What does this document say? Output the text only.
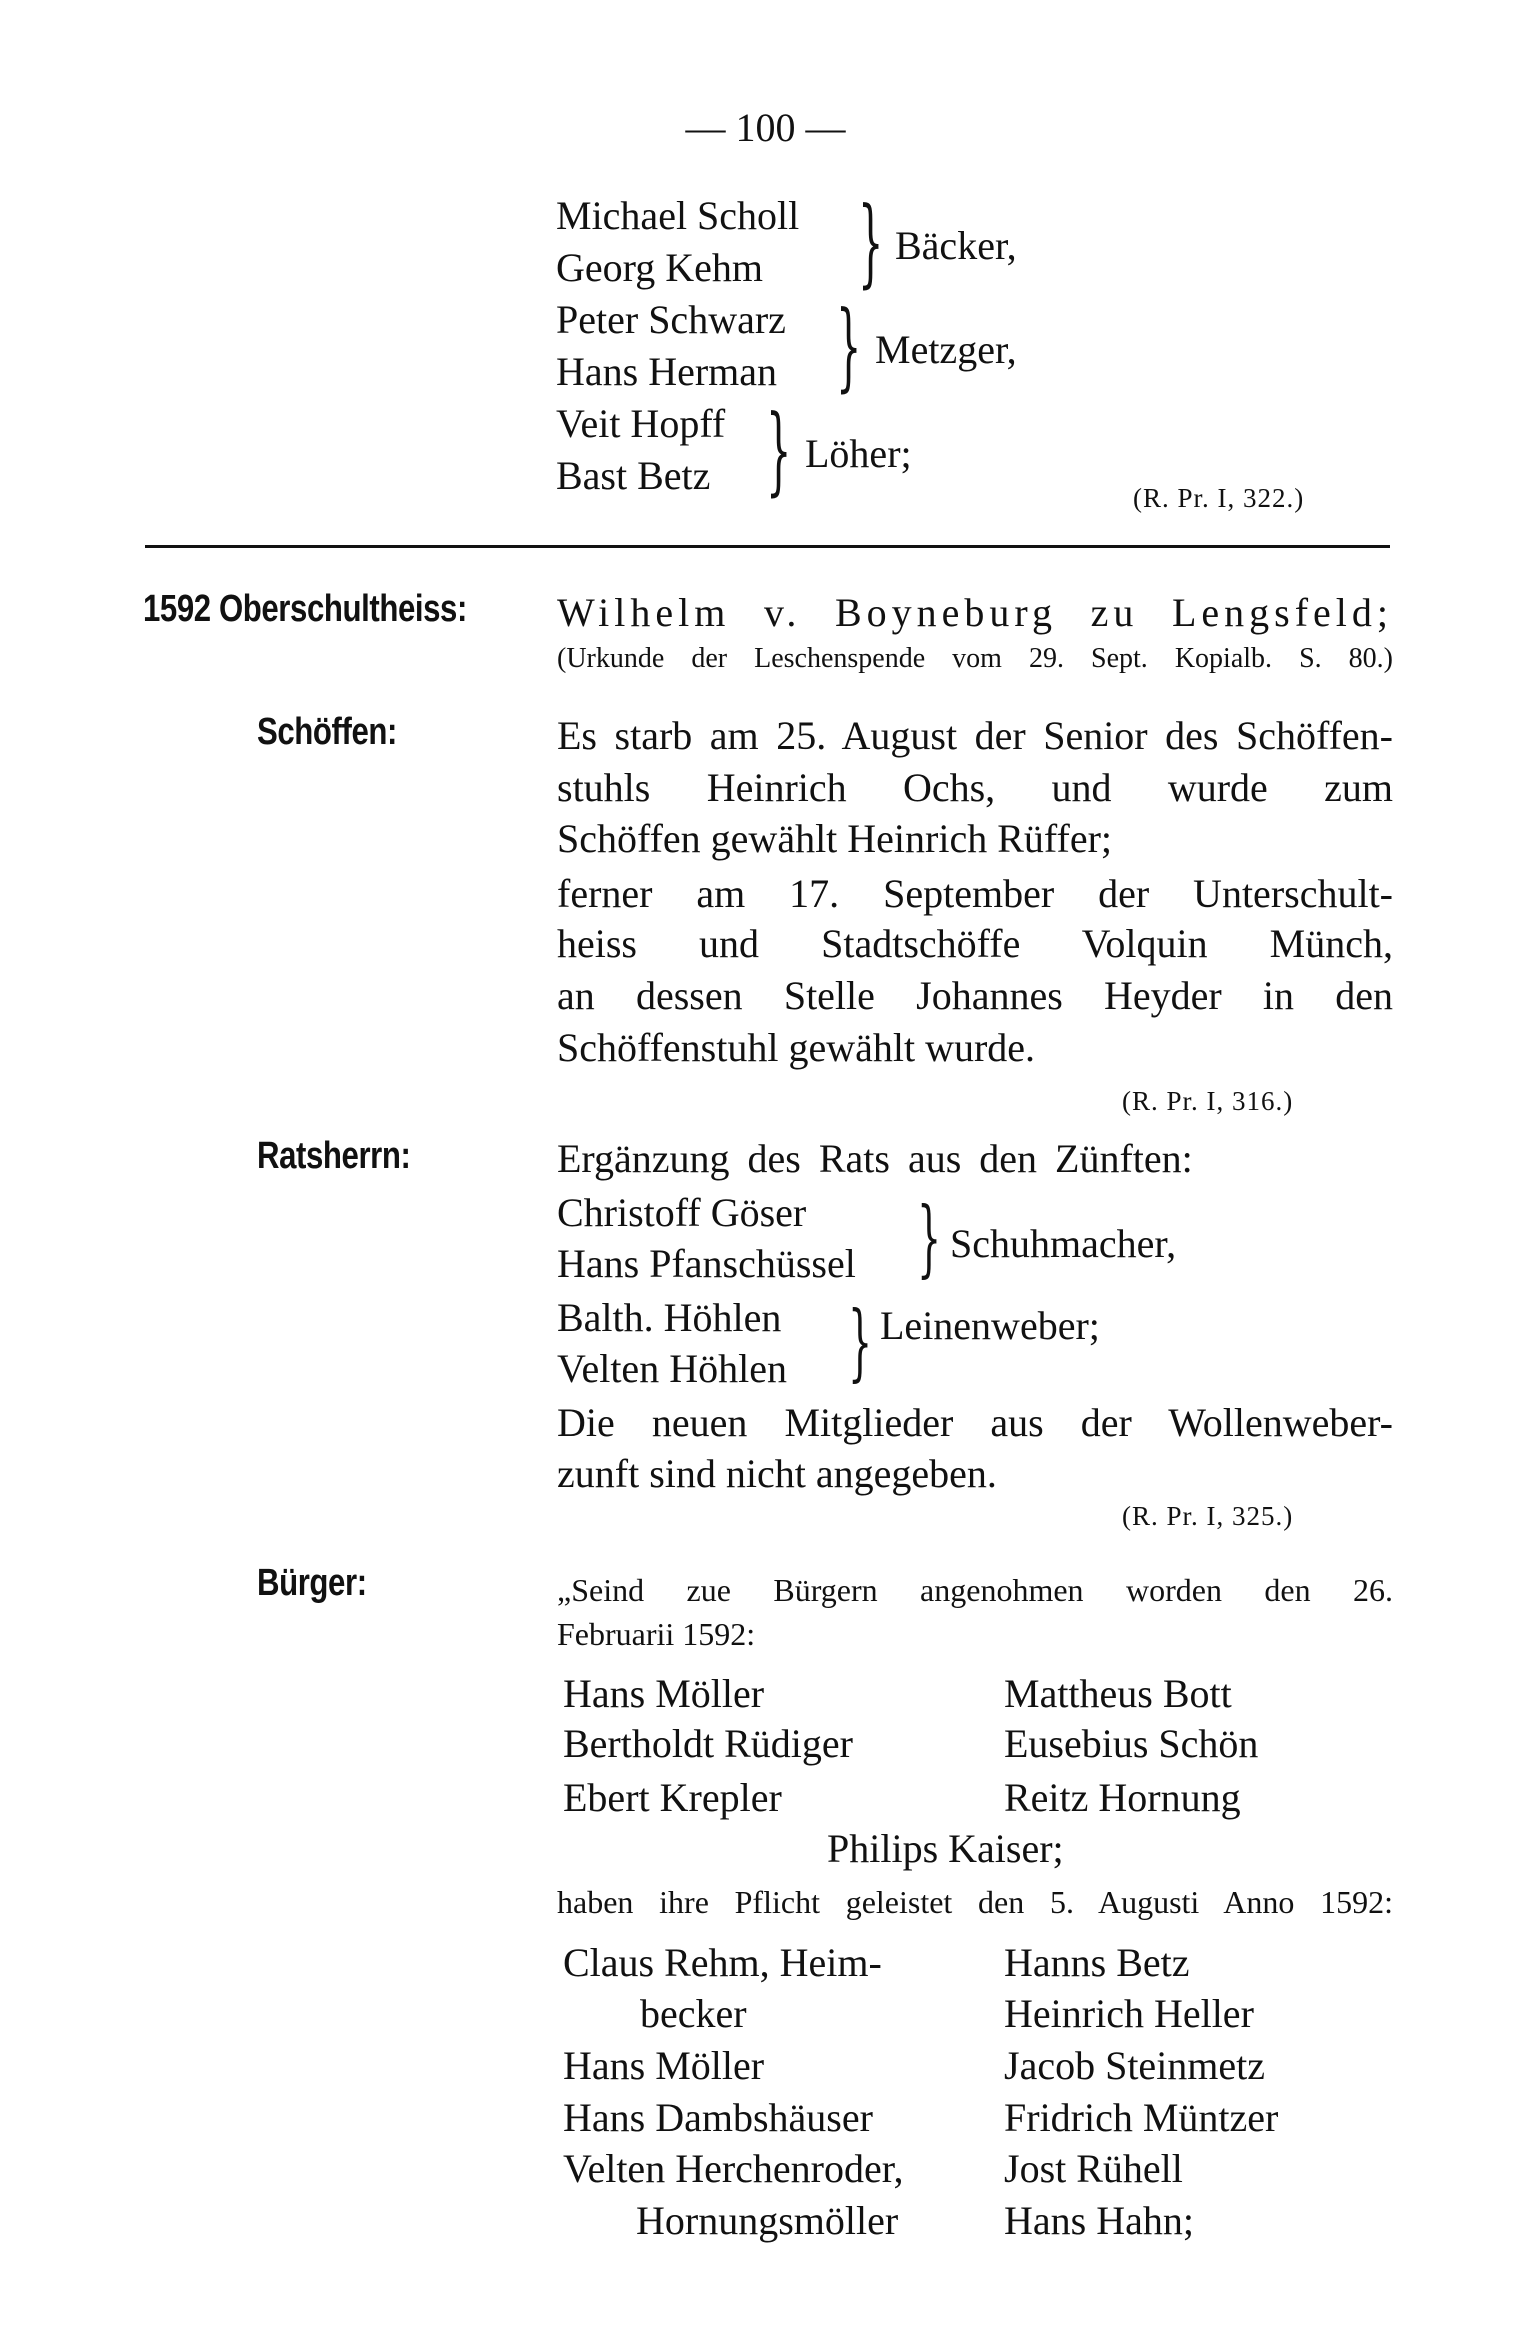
— 100 —
Michael Scholl
Georg Kehm } Bäcker,
Peter Schwarz
Hans Herman } Metzger,
Veit Hopff
Bast Betz } Löher;
(R. Pr. I, 322.)
1592 Oberschultheiss: Wilhelm v. Boyneburg zu Lengsfeld;
(Urkunde der Leschenspende vom 29. Sept. Kopialb. S. 80.)
Schöffen:	Es starb am 25. August der Senior des Schöffen-
stuhls Heinrich Ochs, und wurde zum
Schöffen gewählt Heinrich Rüffer;
ferner am 17. September der Unterschult-
heiss und Stadtschöffe Volquin Münch,
an dessen Stelle Johannes Heyder in den
Schöffenstuhl gewählt wurde.
(R. Pr. I, 316.)
Ratsherrn:	Ergänzung des Rats aus den Zünften:
Christoff Göser
Hans Pfanschüssel } Schuhmacher,
Balth. Höhlen
Velten Höhlen } Leinenweber;
Die neuen Mitglieder aus der Wollenweber-
zunft sind nicht angegeben.
(R. Pr. I, 325.)
Bürger:	„Seind zue Bürgern angenohmen worden den 26.
Februarii 1592:
Hans Möller	Mattheus Bott
Bertholdt Rüdiger	Eusebius Schön
Ebert Krepler	Reitz Hornung
Philips Kaiser;
haben ihre Pflicht geleistet den 5. Augusti Anno 1592:
Claus Rehm, Heim-	Hanns Betz
becker	Heinrich Heller
Hans Möller	Jacob Steinmetz
Hans Dambshäuser	Fridrich Müntzer
Velten Herchenroder,	Jost Rühell
Hornungsmöller	Hans Hahn;
